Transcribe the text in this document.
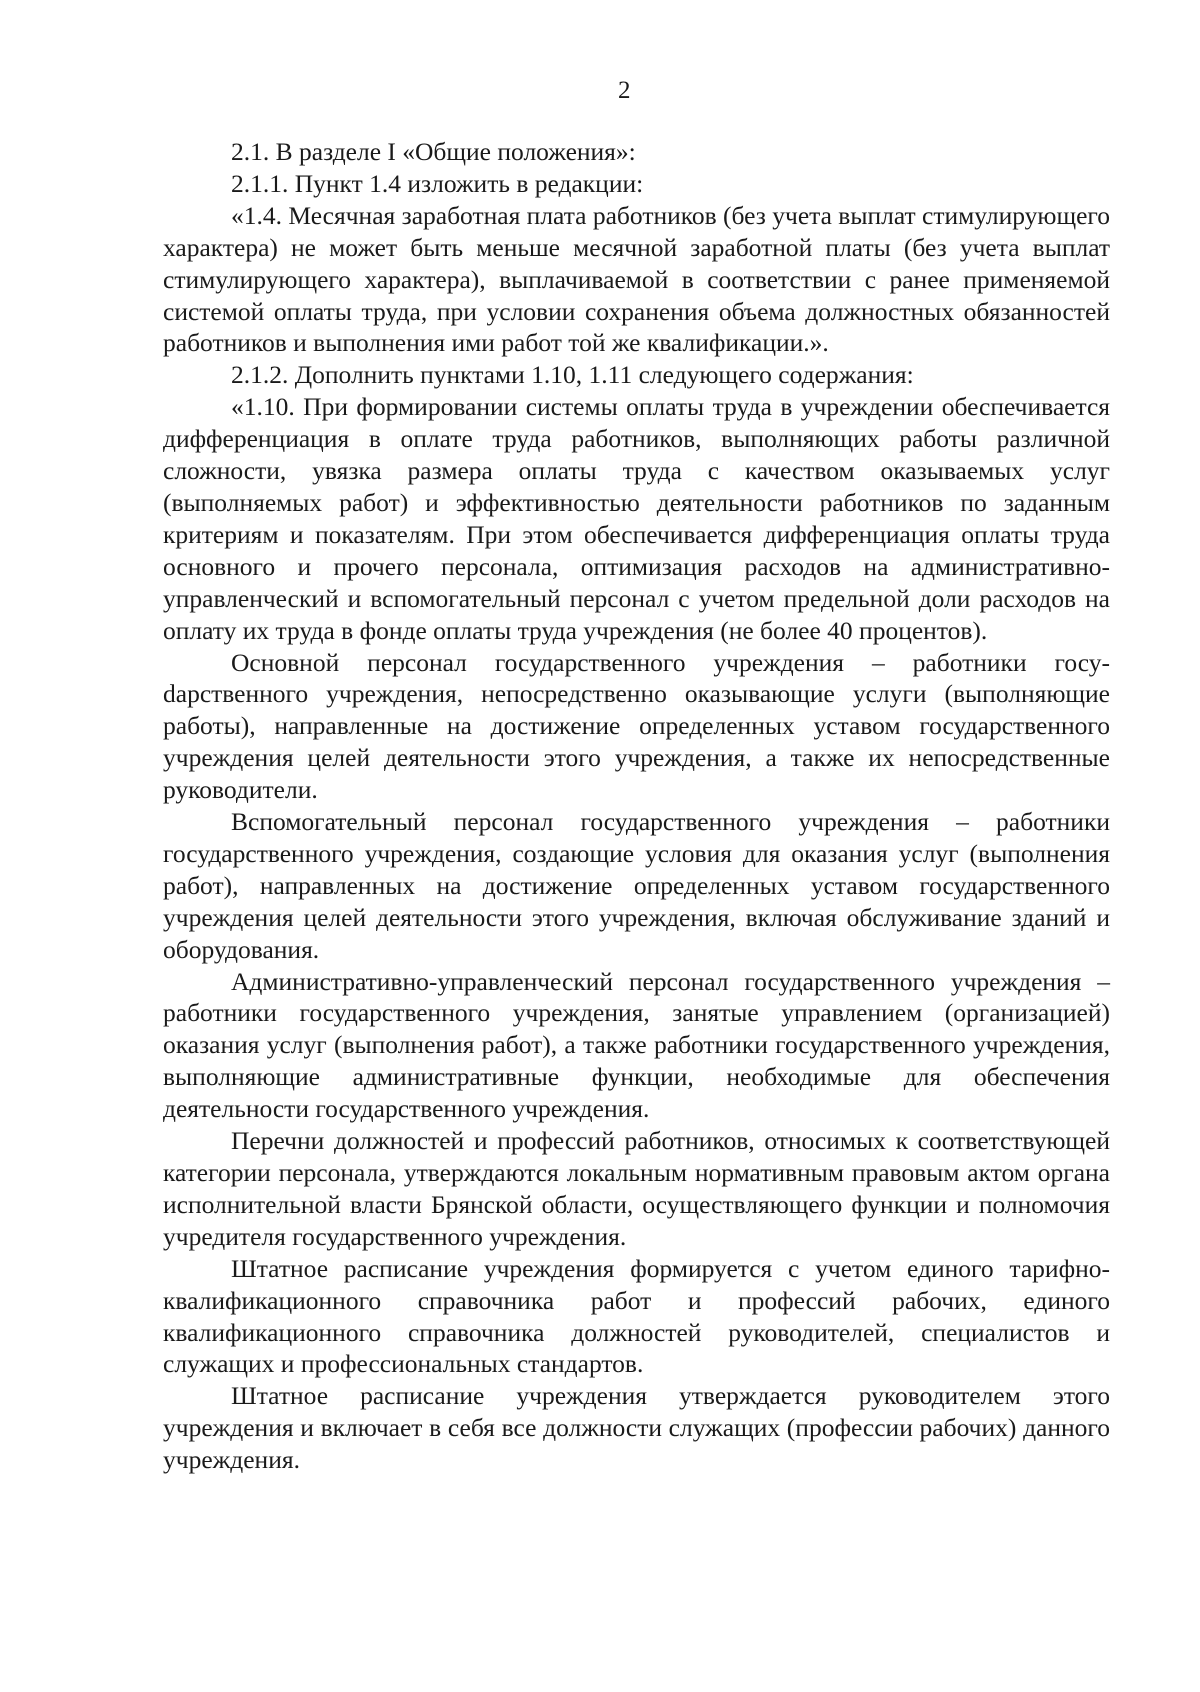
2

2.1. В разделе I «Общие положения»:

2.1.1. Пункт 1.4 изложить в редакции:

«1.4. Месячная заработная плата работников (без учета выплат стимулирующего характера) не может быть меньше месячной заработной платы (без учета выплат стимулирующего характера), выплачиваемой в соответствии с ранее применяемой системой оплаты труда, при условии сохранения объема должностных обязанностей работников и выполнения ими работ той же квалификации.».

2.1.2. Дополнить пунктами 1.10, 1.11 следующего содержания:

«1.10. При формировании системы оплаты труда в учреждении обеспечивается дифференциация в оплате труда работников, выполняющих работы различной сложности, увязка размера оплаты труда с качеством оказываемых услуг (выполняемых работ) и эффективностью деятельности работников по заданным критериям и показателям. При этом обеспечивается дифференциация оплаты труда основного и прочего персонала, оптимизация расходов на административно-управленческий и вспомогательный персонал с учетом предельной доли расходов на оплату их труда в фонде оплаты труда учреждения (не более 40 процентов).

Основной персонал государственного учреждения – работники госуdарственного учреждения, непосредственно оказывающие услуги (выполняющие работы), направленные на достижение определенных уставом государственного учреждения целей деятельности этого учреждения, а также их непосредственные руководители.

Вспомогательный персонал государственного учреждения – работники государственного учреждения, создающие условия для оказания услуг (выполнения работ), направленных на достижение определенных уставом государственного учреждения целей деятельности этого учреждения, включая обслуживание зданий и оборудования.

Административно-управленческий персонал государственного учреждения – работники государственного учреждения, занятые управлением (организацией) оказания услуг (выполнения работ), а также работники государственного учреждения, выполняющие административные функции, необходимые для обеспечения деятельности государственного учреждения.

Перечни должностей и профессий работников, относимых к соответствующей категории персонала, утверждаются локальным нормативным правовым актом органа исполнительной власти Брянской области, осуществляющего функции и полномочия учредителя государственного учреждения.

Штатное расписание учреждения формируется с учетом единого тарифно-квалификационного справочника работ и профессий рабочих, единого квалификационного справочника должностей руководителей, специалистов и служащих и профессиональных стандартов.

Штатное расписание учреждения утверждается руководителем этого учреждения и включает в себя все должности служащих (профессии рабочих) данного учреждения.
